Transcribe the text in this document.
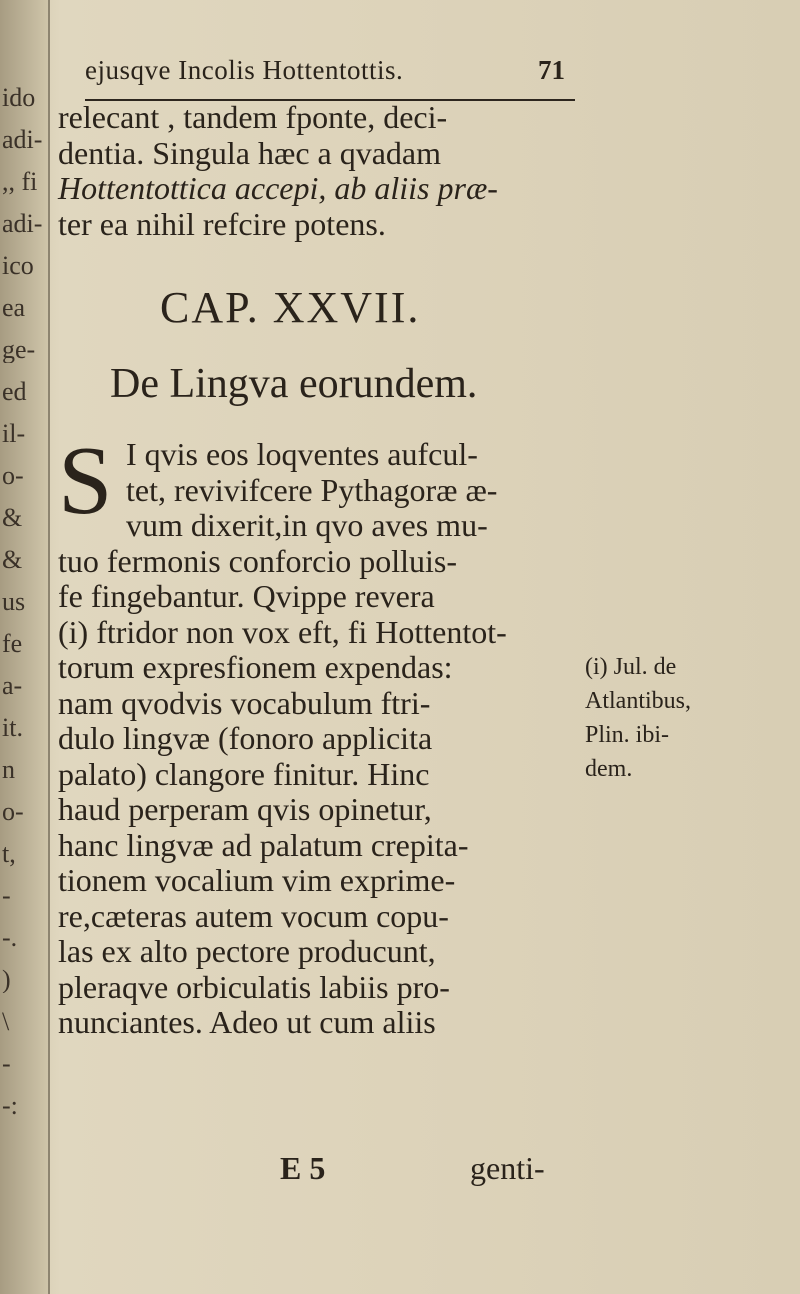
ido
adi-
,, fi
adi-
ico
ea
ge-
ed
il-
o-
&
&
us
fe
a-
it.
n
o-
t,
-
-.
)
\
-
-:
ejusqve Incolis Hottentottis.	71
relecant , tandem fponte, deci-
dentia. Singula hæc a qvadam
Hottentottica accepi, ab aliis præ-
ter ea nihil refcire potens.
CAP. XXVII.
De Lingva eorundem.
S I qvis eos loqventes aufcul-
tet, revivifcere Pythagoræ æ-
vum dixerit,in qvo aves mu-
tuo fermonis conforcio polluis-
fe fingebantur. Qvippe revera
(i) ftridor non vox eft, fi Hottentot-
torum expresfionem expendas:
nam qvodvis vocabulum ftri-
dulo lingvæ (fonoro applicita
palato) clangore finitur. Hinc
haud perperam qvis opinetur,
hanc lingvæ ad palatum crepita-
tionem vocalium vim exprime-
re,cæteras autem vocum copu-
las ex alto pectore producunt,
pleraqve orbiculatis labiis pro-
nunciantes. Adeo ut cum aliis
(i) Jul. de
Atlantibus,
Plin. ibi-
dem.
E 5	genti-
